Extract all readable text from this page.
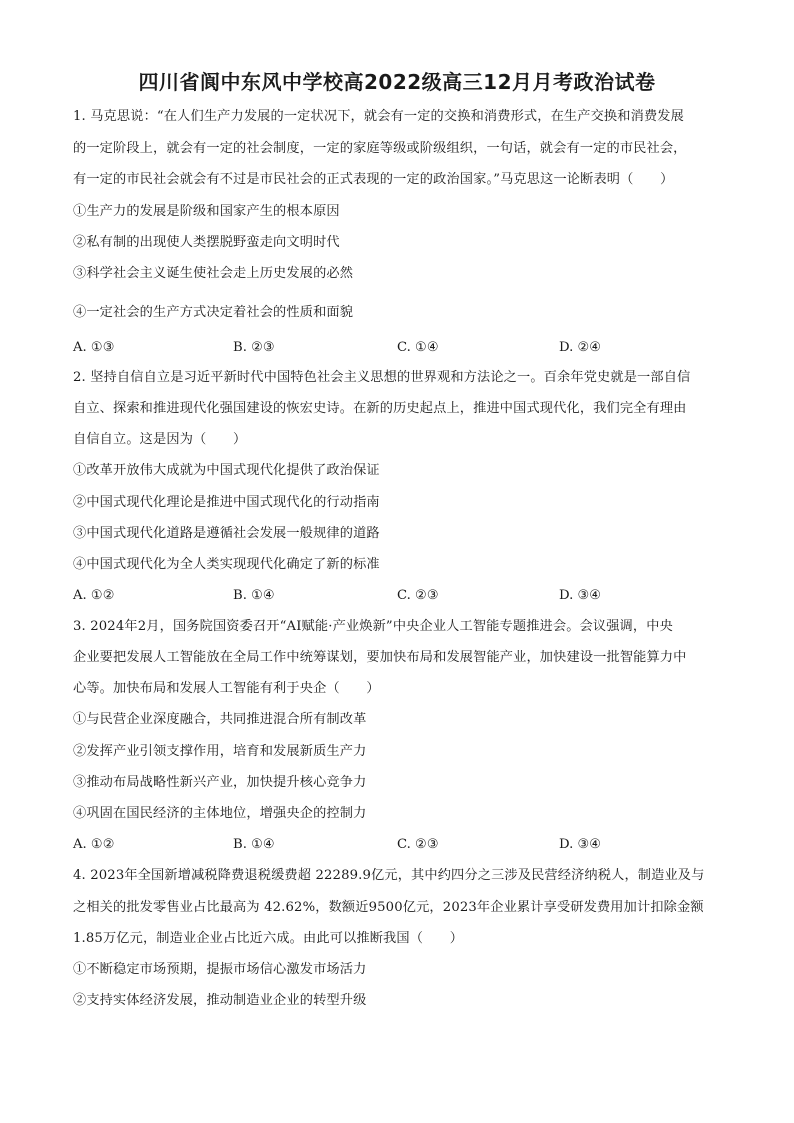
四川省阆中东风中学校高2022级高三12月月考政治试卷
1. 马克思说：“在人们生产力发展的一定状况下，就会有一定的交换和消费形式，在生产交换和消费发展
的一定阶段上，就会有一定的社会制度，一定的家庭等级或阶级组织，一句话，就会有一定的市民社会，
有一定的市民社会就会有不过是市民社会的正式表现的一定的政治国家。”马克思这一论断表明（　　）
①生产力的发展是阶级和国家产生的根本原因
②私有制的出现使人类摆脱野蛮走向文明时代
③科学社会主义诞生使社会走上历史发展的必然
④一定社会的生产方式决定着社会的性质和面貌
A. ①③	B. ②③	C. ①④	D. ②④
2. 坚持自信自立是习近平新时代中国特色社会主义思想的世界观和方法论之一。百余年党史就是一部自信
自立、探索和推进现代化强国建设的恢宏史诗。在新的历史起点上，推进中国式现代化，我们完全有理由
自信自立。这是因为（　　）
①改革开放伟大成就为中国式现代化提供了政治保证
②中国式现代化理论是推进中国式现代化的行动指南
③中国式现代化道路是遵循社会发展一般规律的道路
④中国式现代化为全人类实现现代化确定了新的标准
A. ①②	B. ①④	C. ②③	D. ③④
3. 2024年2月，国务院国资委召开“AI赋能·产业焕新”中央企业人工智能专题推进会。会议强调，中央
企业要把发展人工智能放在全局工作中统筹谋划，要加快布局和发展智能产业，加快建设一批智能算力中
心等。加快布局和发展人工智能有利于央企（　　）
①与民营企业深度融合，共同推进混合所有制改革
②发挥产业引领支撑作用，培育和发展新质生产力
③推动布局战略性新兴产业，加快提升核心竞争力
④巩固在国民经济的主体地位，增强央企的控制力
A. ①②	B. ①④	C. ②③	D. ③④
4. 2023年全国新增减税降费退税缓费超 22289.9亿元，其中约四分之三涉及民营经济纳税人，制造业及与
之相关的批发零售业占比最高为 42.62%，数额近9500亿元，2023年企业累计享受研发费用加计扣除金额
1.85万亿元，制造业企业占比近六成。由此可以推断我国（　　）
①不断稳定市场预期，提振市场信心激发市场活力
②支持实体经济发展，推动制造业企业的转型升级
